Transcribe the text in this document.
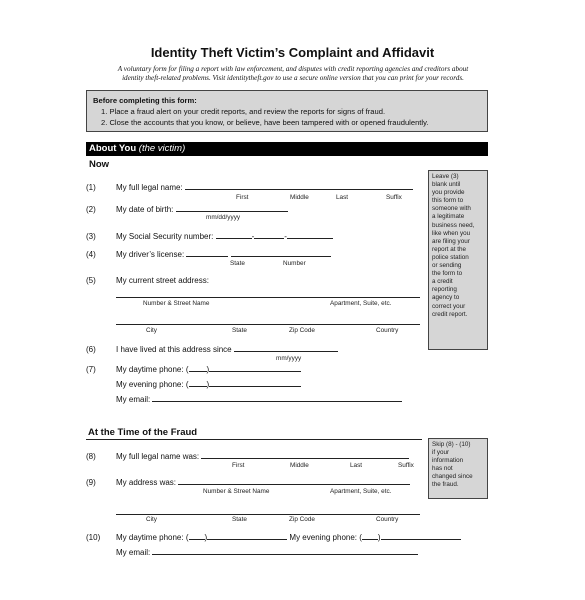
Identity Theft Victim’s Complaint and Affidavit
A voluntary form for filing a report with law enforcement, and disputes with credit reporting agencies and creditors about
identity theft-related problems. Visit identitytheft.gov to use a secure online version that you can print for your records.
Before completing this form:
1. Place a fraud alert on your credit reports, and review the reports for signs of fraud.
2. Close the accounts that you know, or believe, have been tampered with or opened fraudulently.
About You (the victim)
Now
Leave (3)
blank until
you provide
this form to
someone with
a legitimate
business need,
like when you
are filing your
report at the
police station
or sending
the form to
a credit
reporting
agency to
correct your
credit report.
(1)	My full legal name:
First	Middle	Last	Suffix
(2)	My date of birth:
mm/dd/yyyy
(3)	My Social Security number:	-	-
(4)	My driver’s license:
State	Number
(5)	My current street address:
Number & Street Name	Apartment, Suite, etc.
City	State	Zip Code	Country
(6)	I have lived at this address since
mm/yyyy
(7)	My daytime phone: ( )
My evening phone: ( )
My email:
At the Time of the Fraud
Skip (8) - (10)
if your
information
has not
changed since
the fraud.
(8)	My full legal name was:
First	Middle	Last	Suffix
(9)	My address was:
Number & Street Name	Apartment, Suite, etc.
City	State	Zip Code	Country
(10) My daytime phone: ( )	My evening phone: ( )
My email:
